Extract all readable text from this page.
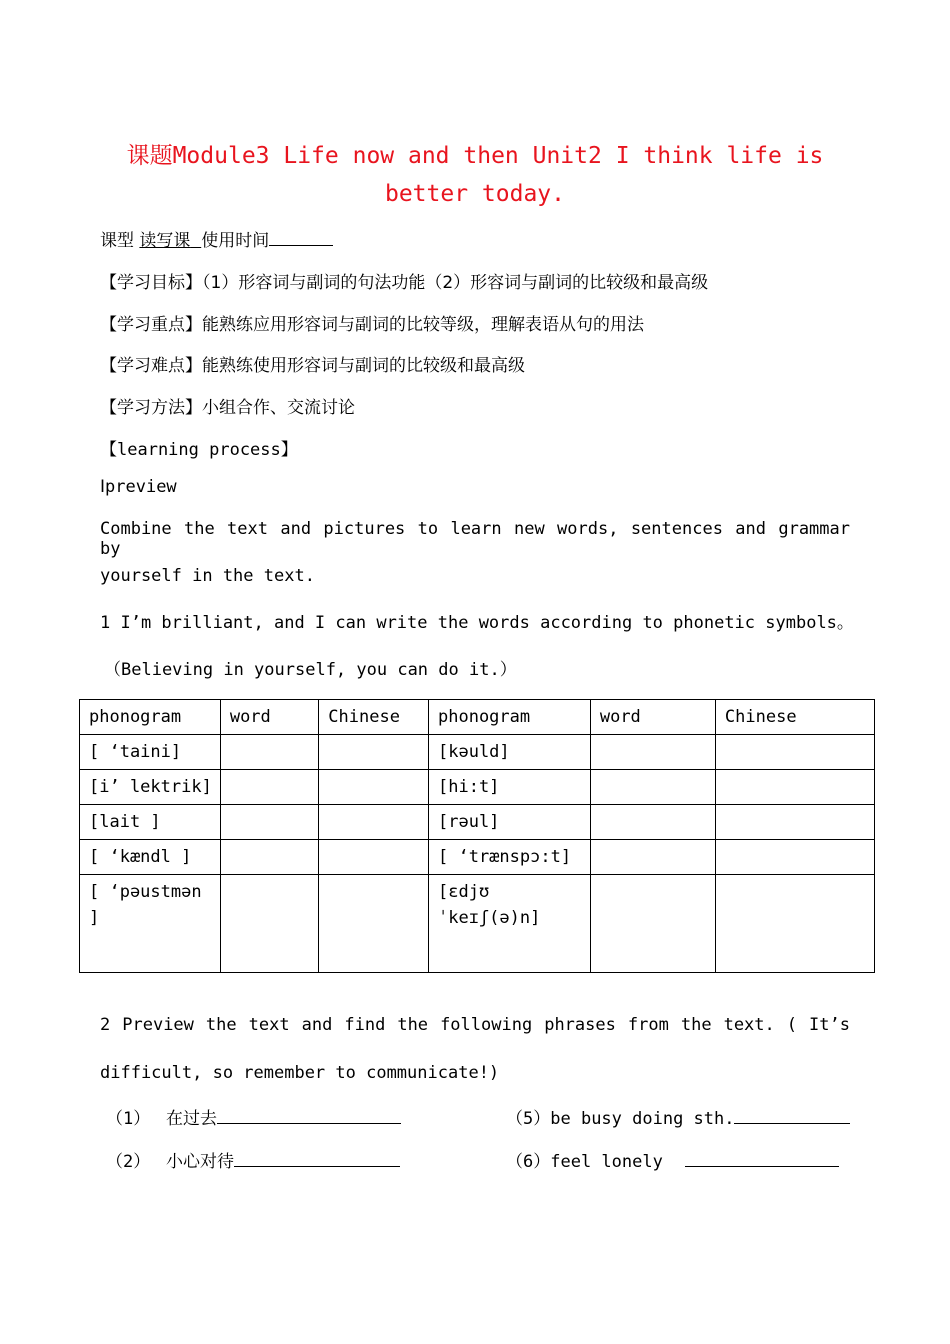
课题Module3 Life now and then Unit2 I think life is
better today.
课型 读写课 使用时间
【学习目标】（1）形容词与副词的句法功能（2）形容词与副词的比较级和最高级
【学习重点】能熟练应用形容词与副词的比较等级，理解表语从句的用法
【学习难点】能熟练使用形容词与副词的比较级和最高级
【学习方法】小组合作、交流讨论
【learning process】
Ⅰpreview
Combine the text and pictures to learn new words, sentences and grammar by
yourself in the text.
1 I’m brilliant, and I can write the words according to phonetic symbols。
（Believing in yourself, you can do it.）
phonogram	word	Chinese	phonogram	word	Chinese
[ ‘taini]			[kəuld]		
[i’ lektrik]			[hi:t]		
[lait ]			[rəul]		
[ ‘kændl ]			[ ‘trænspɔ:t]		
[ ‘pəustmən
]			[ɛdjʊ
ˈkeɪʃ(ə)n]		
2 Preview the text and find the following phrases from the text. ( It’s
difficult, so remember to communicate!)
（1） 在过去	（5）be busy doing sth.
（2） 小心对待	（6）feel lonely
